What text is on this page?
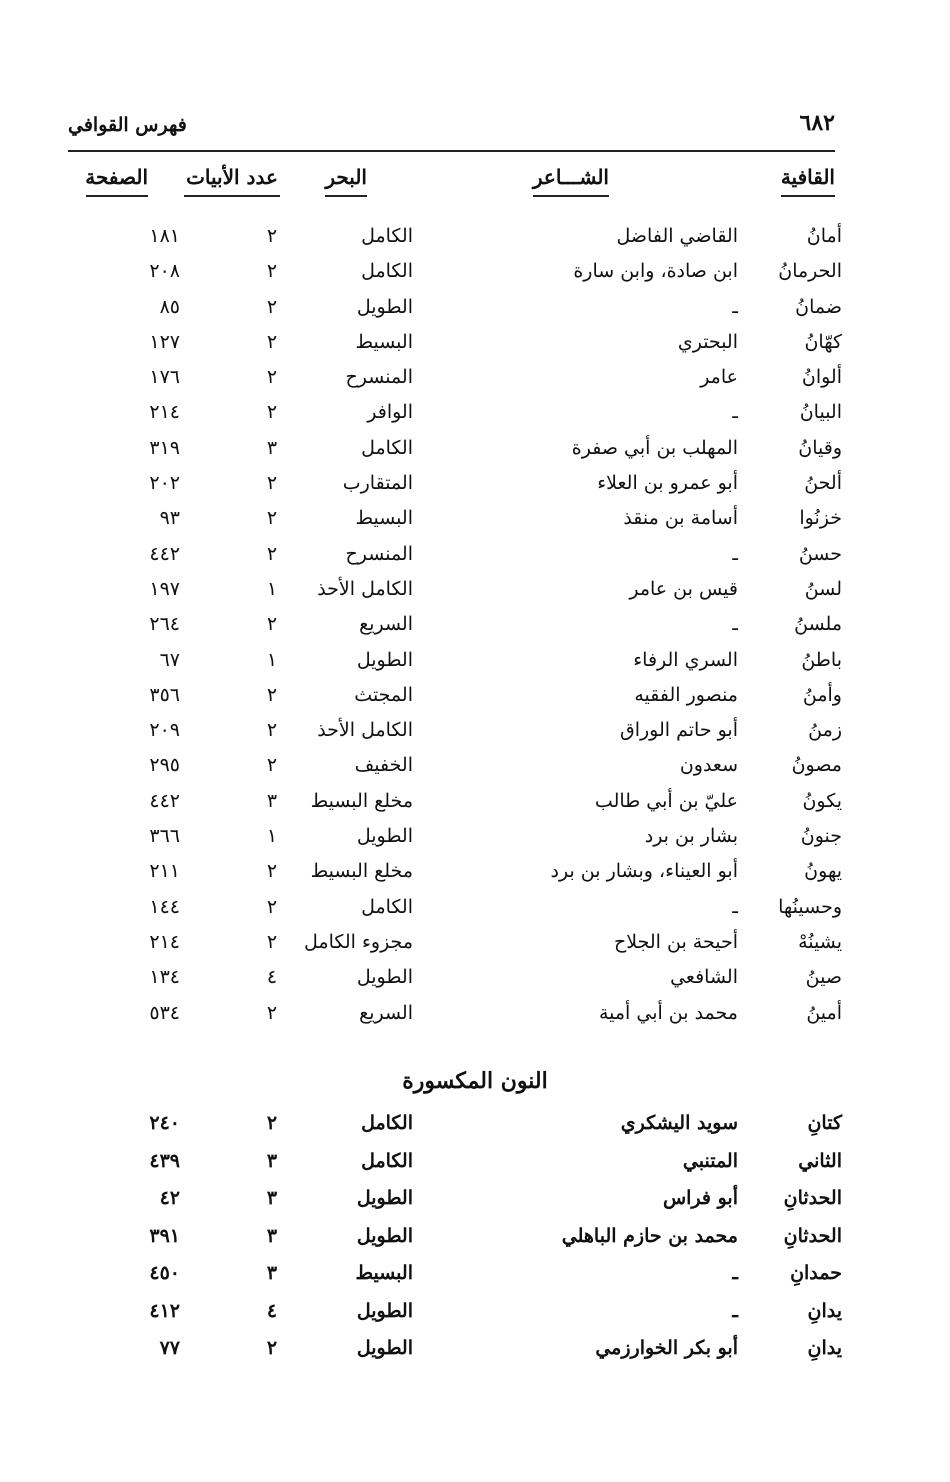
٦٨٢
فهرس القوافي
القافية
الشـــاعر
البحر
عدد الأبيات
الصفحة
أمانُ
القاضي الفاضل
الكامل
٢
١٨١
الحرمانُ
ابن صادة، وابن سارة
الكامل
٢
٢٠٨
ضمانُ
ـ
الطويل
٢
٨٥
كهّانُ
البحتري
البسيط
٢
١٢٧
ألوانُ
عامر
المنسرح
٢
١٧٦
البيانُ
ـ
الوافر
٢
٢١٤
وقيانُ
المهلب بن أبي صفرة
الكامل
٣
٣١٩
ألحنُ
أبو عمرو بن العلاء
المتقارب
٢
٢٠٢
خزنُوا
أسامة بن منقذ
البسيط
٢
٩٣
حسنُ
ـ
المنسرح
٢
٤٤٢
لسنُ
قيس بن عامر
الكامل الأحذ
١
١٩٧
ملسنُ
ـ
السريع
٢
٢٦٤
باطنُ
السري الرفاء
الطويل
١
٦٧
وأمنُ
منصور الفقيه
المجتث
٢
٣٥٦
زمنُ
أبو حاتم الوراق
الكامل الأحذ
٢
٢٠٩
مصونُ
سعدون
الخفيف
٢
٢٩٥
يكونُ
عليّ بن أبي طالب
مخلع البسيط
٣
٤٤٢
جنونُ
بشار بن برد
الطويل
١
٣٦٦
يهونُ
أبو العيناء، وبشار بن برد
مخلع البسيط
٢
٢١١
وحسينُها
ـ
الكامل
٢
١٤٤
يشينُهْ
أحيحة بن الجلاح
مجزوء الكامل
٢
٢١٤
صينُ
الشافعي
الطويل
٤
١٣٤
أمينُ
محمد بن أبي أمية
السريع
٢
٥٣٤
النون المكسورة
كتانِ
سويد اليشكري
الكامل
٢
٢٤٠
الثاني
المتنبي
الكامل
٣
٤٣٩
الحدثانِ
أبو فراس
الطويل
٣
٤٢
الحدثانِ
محمد بن حازم الباهلي
الطويل
٣
٣٩١
حمدانِ
ـ
البسيط
٣
٤٥٠
يدانِ
ـ
الطويل
٤
٤١٢
يدانِ
أبو بكر الخوارزمي
الطويل
٢
٧٧
